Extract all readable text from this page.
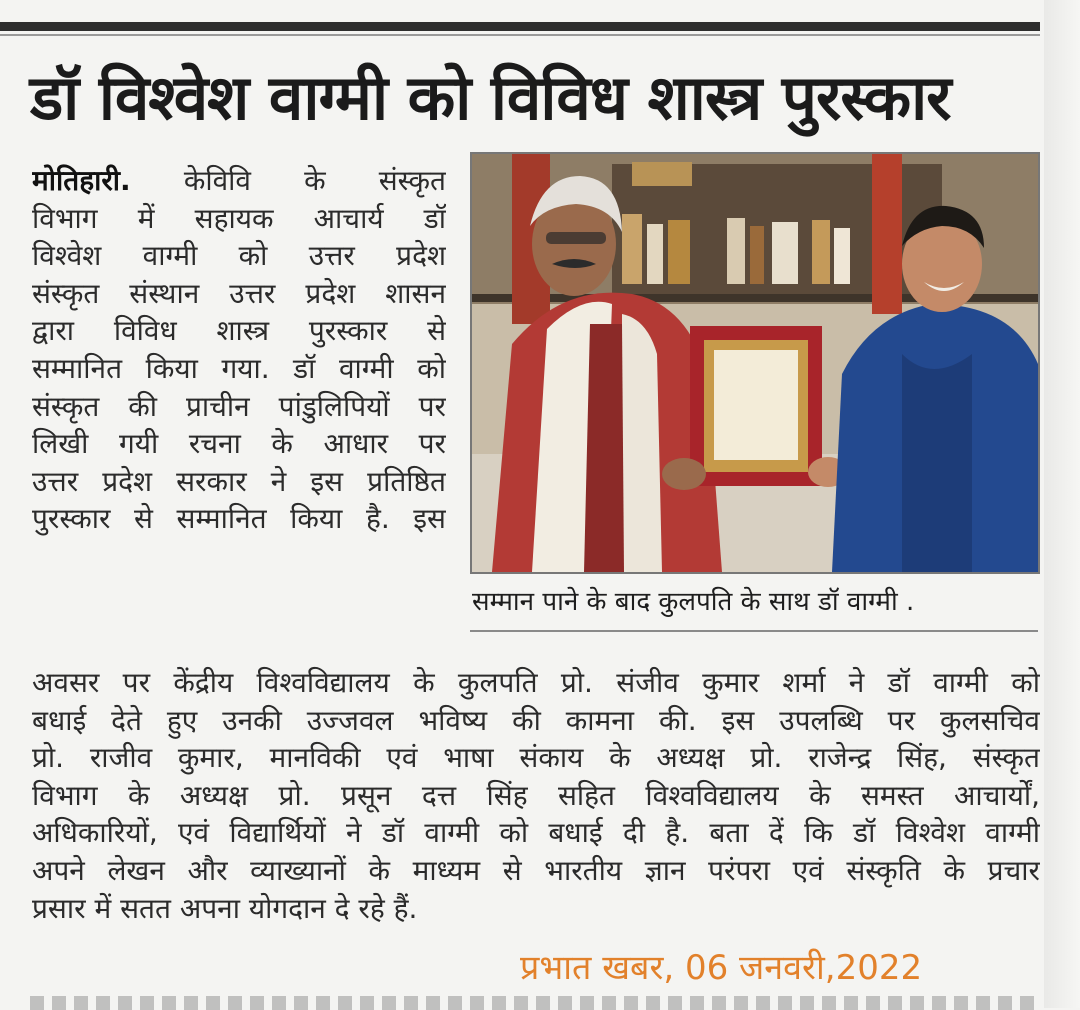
डॉ विश्वेश वाग्मी को विविध शास्त्र पुरस्कार
मोतिहारी. केविवि के संस्कृत
विभाग में सहायक आचार्य डॉ
विश्वेश वाग्मी को उत्तर प्रदेश
संस्कृत संस्थान उत्तर प्रदेश शासन
द्वारा विविध शास्त्र पुरस्कार से
सम्मानित किया गया. डॉ वाग्मी को
संस्कृत की प्राचीन पांडुलिपियों पर
लिखी गयी रचना के आधार पर
उत्तर प्रदेश सरकार ने इस प्रतिष्ठित
पुरस्कार से सम्मानित किया है. इस
सम्मान पाने के बाद कुलपति के साथ डॉ वाग्मी .
अवसर पर केंद्रीय विश्वविद्यालय के कुलपति प्रो. संजीव कुमार शर्मा ने डॉ वाग्मी को
बधाई देते हुए उनकी उज्जवल भविष्य की कामना की. इस उपलब्धि पर कुलसचिव
प्रो. राजीव कुमार, मानविकी एवं भाषा संकाय के अध्यक्ष प्रो. राजेन्द्र सिंह, संस्कृत
विभाग के अध्यक्ष प्रो. प्रसून दत्त सिंह सहित विश्वविद्यालय के समस्त आचार्यों,
अधिकारियों, एवं विद्यार्थियों ने डॉ वाग्मी को बधाई दी है. बता दें कि डॉ विश्वेश वाग्मी
अपने लेखन और व्याख्यानों के माध्यम से भारतीय ज्ञान परंपरा एवं संस्कृति के प्रचार
प्रसार में सतत अपना योगदान दे रहे हैं.
प्रभात खबर, 06 जनवरी,2022
